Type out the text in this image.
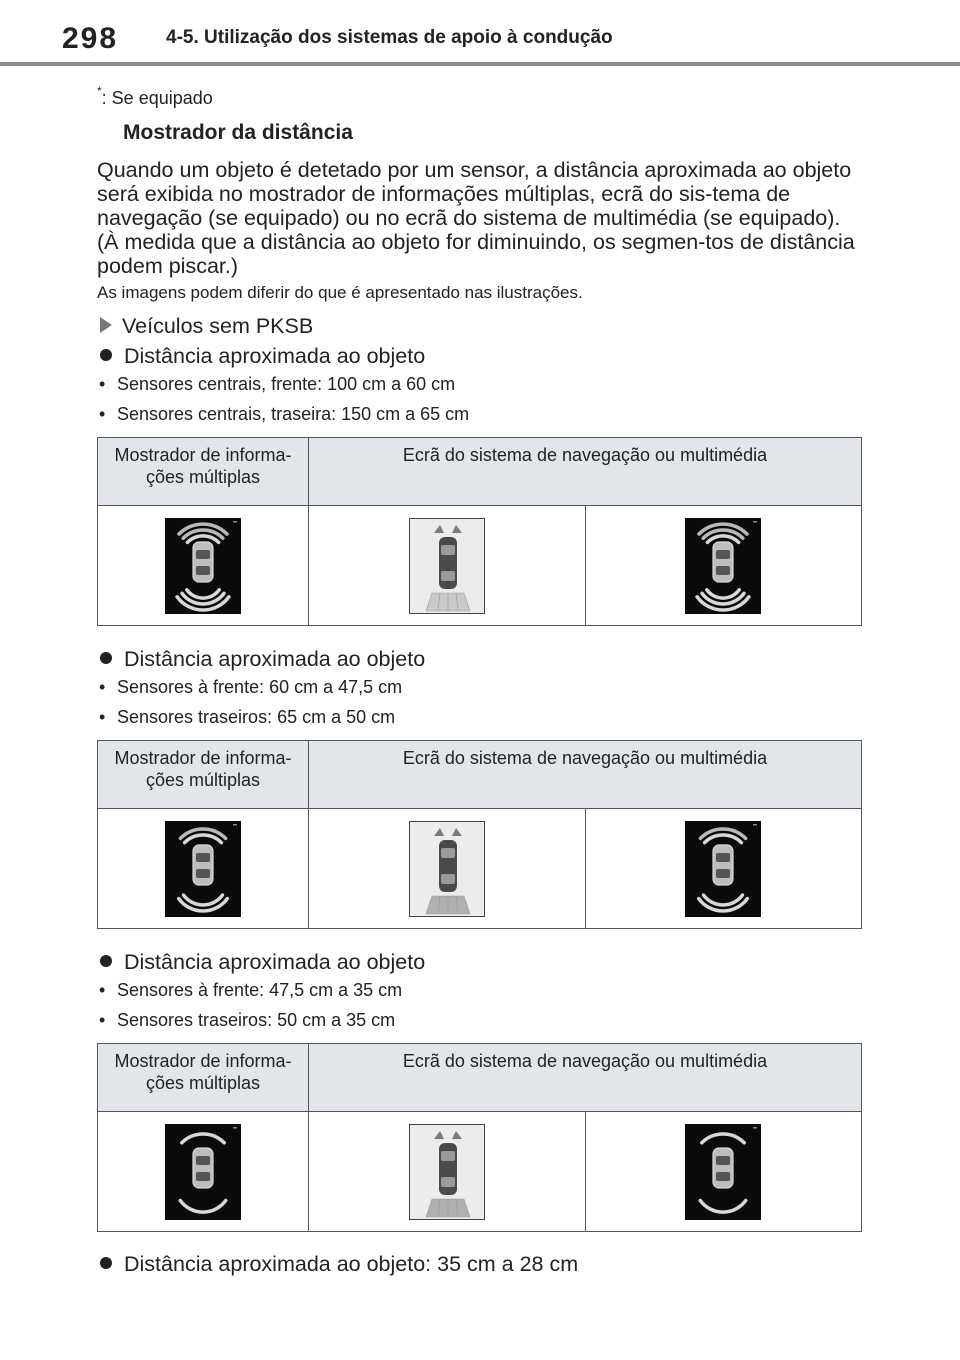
298	4-5. Utilização dos sistemas de apoio à condução
*: Se equipado
Mostrador da distância
Quando um objeto é detetado por um sensor, a distância aproximada ao objeto será exibida no mostrador de informações múltiplas, ecrã do sis-tema de navegação (se equipado) ou no ecrã do sistema de multimédia (se equipado). (À medida que a distância ao objeto for diminuindo, os segmen-tos de distância podem piscar.)
As imagens podem diferir do que é apresentado nas ilustrações.
Veículos sem PKSB
Distância aproximada ao objeto
• Sensores centrais, frente: 100 cm a 60 cm
• Sensores centrais, traseira: 150 cm a 65 cm
Mostrador de informa-ções múltiplas	Ecrã do sistema de navegação ou multimédia	

Distância aproximada ao objeto
• Sensores à frente: 60 cm a 47,5 cm
• Sensores traseiros: 65 cm a 50 cm
Mostrador de informa-ções múltiplas	Ecrã do sistema de navegação ou multimédia	

Distância aproximada ao objeto
• Sensores à frente: 47,5 cm a 35 cm
• Sensores traseiros: 50 cm a 35 cm
Mostrador de informa-ções múltiplas	Ecrã do sistema de navegação ou multimédia	

Distância aproximada ao objeto: 35 cm a 28 cm
